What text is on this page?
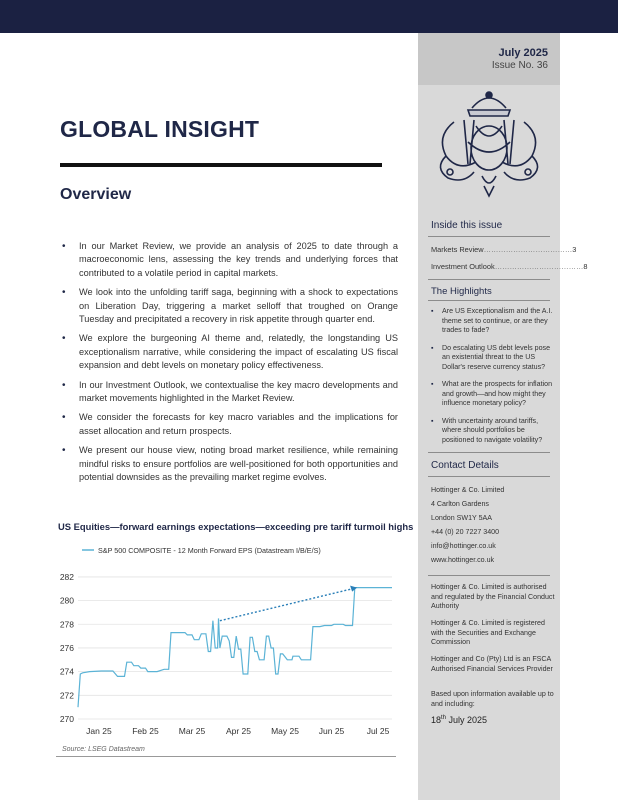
July 2025
Issue No. 36
GLOBAL INSIGHT
Overview
• In our Market Review, we provide an analysis of 2025 to date through a macroeconomic lens, assessing the key trends and underlying forces that contributed to a volatile period in capital markets.
• We look into the unfolding tariff saga, beginning with a shock to expectations on Liberation Day, triggering a market selloff that troughed on Orange Tuesday and precipitated a recovery in risk appetite through quarter end.
• We explore the burgeoning AI theme and, relatedly, the longstanding US exceptionalism narrative, while considering the impact of escalating US fiscal expansion and debt levels on monetary policy effectiveness.
• In our Investment Outlook, we contextualise the key macro developments and market movements highlighted in the Market Review.
• We consider the forecasts for key macro variables and the implications for asset allocation and return prospects.
• We present our house view, noting broad market resilience, while remaining mindful risks to ensure portfolios are well-positioned for both opportunities and potential downsides as the prevailing market regime evolves.
Inside this issue
Markets Review ……………………………… 3
Investment Outlook ……………………………… 8
The Highlights
▪ Are US Exceptionalism and the A.I. theme set to continue, or are they trades to fade?
▪ Do escalating US debt levels pose an existential threat to the US Dollar's reserve currency status?
▪ What are the prospects for inflation and growth—and how might they influence monetary policy?
▪ With uncertainty around tariffs, where should portfolios be positioned to navigate volatility?
Contact Details
Hottinger & Co. Limited
4 Carlton Gardens
London SW1Y 5AA
+44 (0) 20 7227 3400
info@hottinger.co.uk
www.hottinger.co.uk
Hottinger & Co. Limited is authorised and regulated by the Financial Conduct Authority
Hottinger & Co. Limited is registered with the Securities and Exchange Commission
Hottinger and Co (Pty) Ltd is an FSCA Authorised Financial Services Provider
Based upon information available up to and including:
18th July 2025
US Equities—forward earnings expectations—exceeding pre tariff turmoil highs
S&P 500 COMPOSITE - 12 Month Forward EPS (Datastream I/B/E/S)
270
272
274
276
278
280
282
Jan 25 Feb 25 Mar 25 Apr 25 May 25 Jun 25	Jul 25
Source: LSEG Datastream
